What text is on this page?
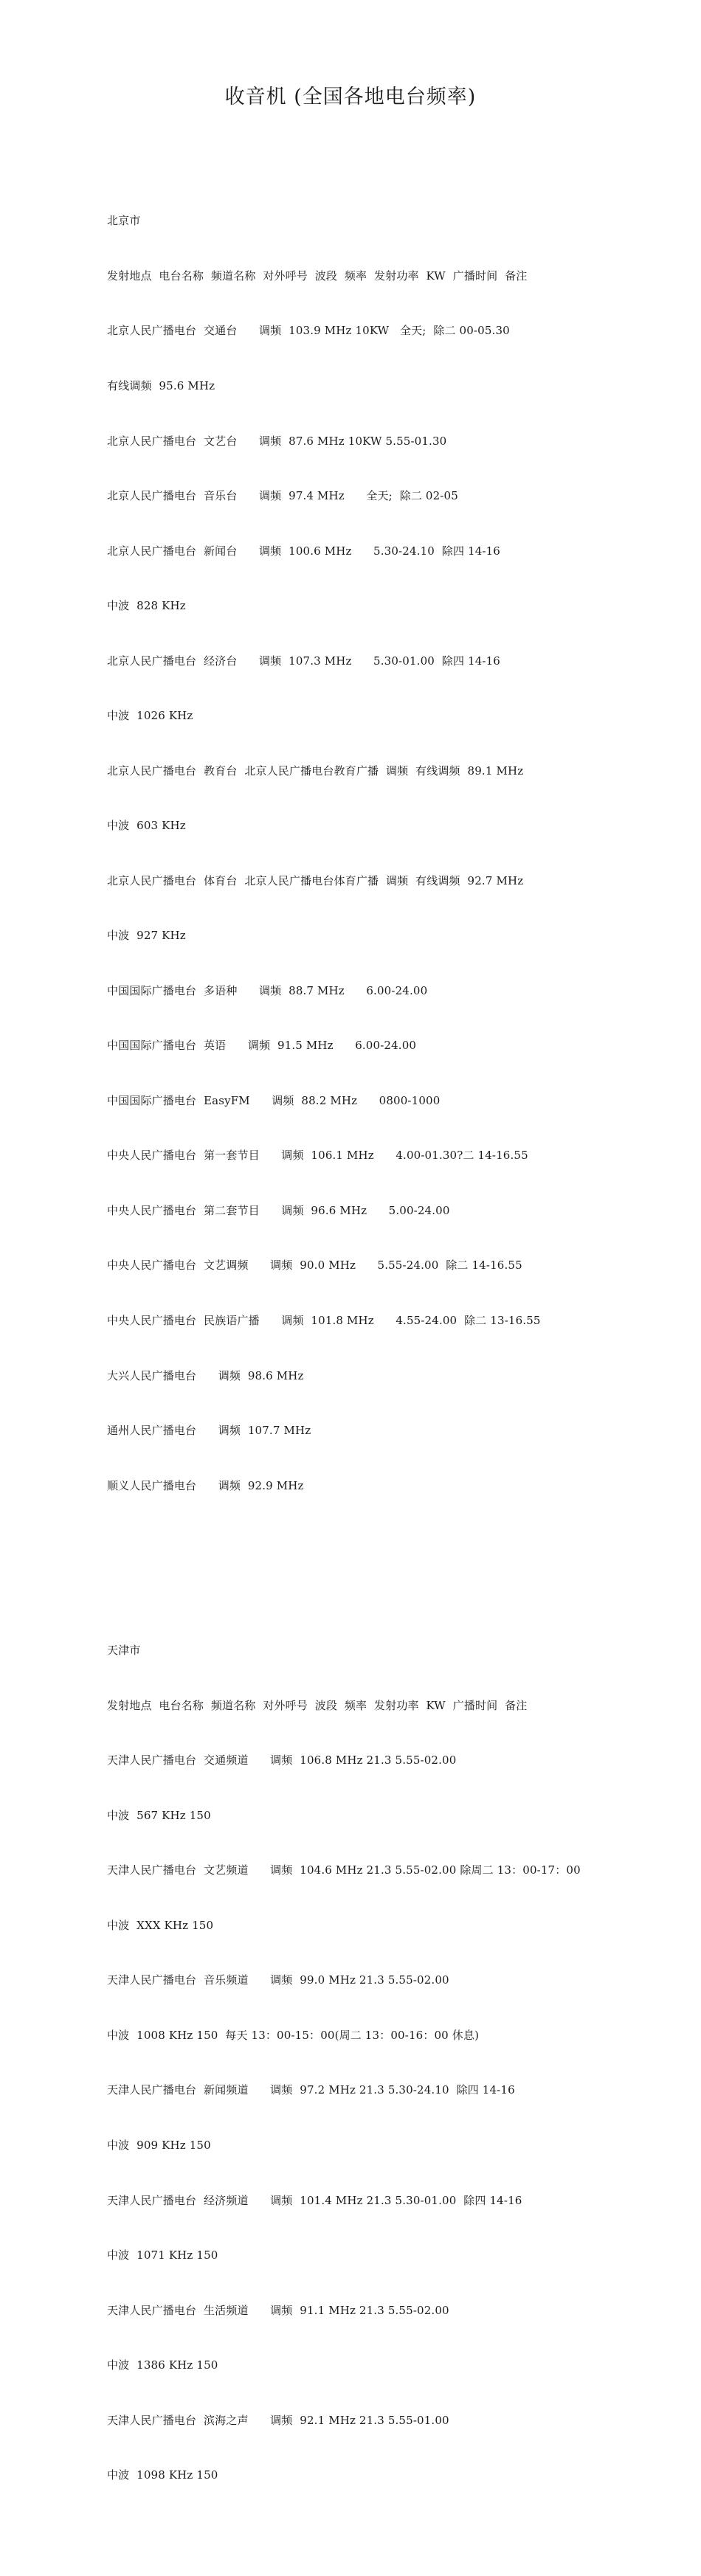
收音机 (全国各地电台频率)

北京市

发射地点  电台名称  频道名称  对外呼号  波段  频率  发射功率  KW  广播时间  备注

北京人民广播电台  交通台      调频  103.9 MHz 10KW   全天;  除二 00-05.30

有线调频  95.6 MHz

北京人民广播电台  文艺台      调频  87.6 MHz 10KW 5.55-01.30

北京人民广播电台  音乐台      调频  97.4 MHz      全天;  除二 02-05

北京人民广播电台  新闻台      调频  100.6 MHz      5.30-24.10  除四 14-16

中波  828 KHz

北京人民广播电台  经济台      调频  107.3 MHz      5.30-01.00  除四 14-16

中波  1026 KHz

北京人民广播电台  教育台  北京人民广播电台教育广播  调频  有线调频  89.1 MHz

中波  603 KHz

北京人民广播电台  体育台  北京人民广播电台体育广播  调频  有线调频  92.7 MHz

中波  927 KHz

中国国际广播电台  多语种      调频  88.7 MHz      6.00-24.00

中国国际广播电台  英语      调频  91.5 MHz      6.00-24.00

中国国际广播电台  EasyFM      调频  88.2 MHz      0800-1000

中央人民广播电台  第一套节目      调频  106.1 MHz      4.00-01.30?二 14-16.55

中央人民广播电台  第二套节目      调频  96.6 MHz      5.00-24.00

中央人民广播电台  文艺调频      调频  90.0 MHz      5.55-24.00  除二 14-16.55

中央人民广播电台  民族语广播      调频  101.8 MHz      4.55-24.00  除二 13-16.55

大兴人民广播电台      调频  98.6 MHz

通州人民广播电台      调频  107.7 MHz

顺义人民广播电台      调频  92.9 MHz

天津市

发射地点  电台名称  频道名称  对外呼号  波段  频率  发射功率  KW  广播时间  备注

天津人民广播电台  交通频道      调频  106.8 MHz 21.3 5.55-02.00

中波  567 KHz 150

天津人民广播电台  文艺频道      调频  104.6 MHz 21.3 5.55-02.00 除周二 13：00-17：00

中波  XXX KHz 150

天津人民广播电台  音乐频道      调频  99.0 MHz 21.3 5.55-02.00

中波  1008 KHz 150  每天 13：00-15：00(周二 13：00-16：00 休息)

天津人民广播电台  新闻频道      调频  97.2 MHz 21.3 5.30-24.10  除四 14-16

中波  909 KHz 150

天津人民广播电台  经济频道      调频  101.4 MHz 21.3 5.30-01.00  除四 14-16

中波  1071 KHz 150

天津人民广播电台  生活频道      调频  91.1 MHz 21.3 5.55-02.00

中波  1386 KHz 150

天津人民广播电台  滨海之声      调频  92.1 MHz 21.3 5.55-01.00

中波  1098 KHz 150
